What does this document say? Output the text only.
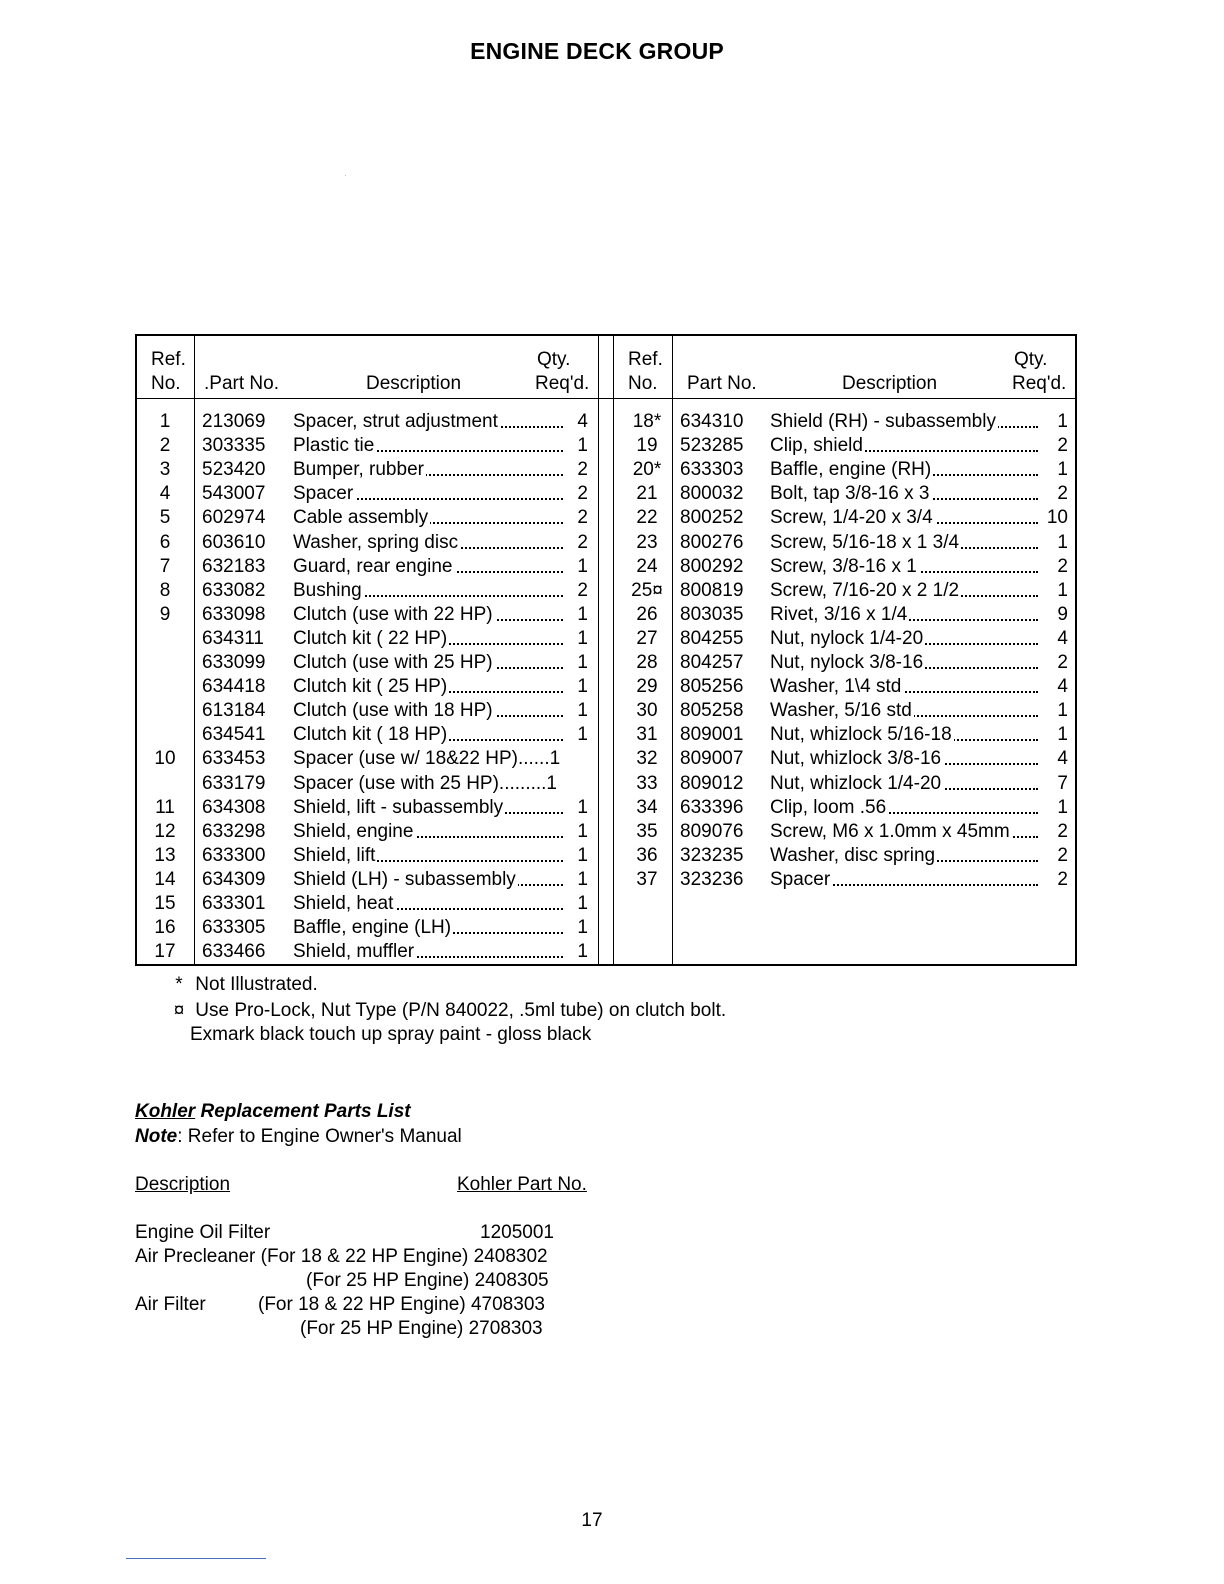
ENGINE DECK GROUP
Ref.
No. .Part No.	Description
Qty.
Req'd.
Ref.
No. Part No.	Description
Qty.
Req'd.
1	213069 Spacer, strut adjustment	4
2	303335 Plastic tie	1
3	523420 Bumper, rubber	2
4	543007 Spacer	2
5	602974 Cable assembly	2
6	603610 Washer, spring disc	2
7	632183 Guard, rear engine	1
8	633082 Bushing	2
9	633098 Clutch (use with 22 HP)	1
634311 Clutch kit ( 22 HP)	1
633099 Clutch (use with 25 HP)	1
634418 Clutch kit ( 25 HP)	1
613184 Clutch (use with 18 HP)	1
634541 Clutch kit ( 18 HP)	1
10	633453 Spacer (use w/ 18&22 HP)......1
633179 Spacer (use with 25 HP).........1
11	634308 Shield, lift - subassembly	1
12	633298 Shield, engine	1
13	633300 Shield, lift	1
14	634309 Shield (LH) - subassembly	1
15	633301 Shield, heat	1
16	633305 Baffle, engine (LH)	1
17	633466 Shield, muffler	1
18* 634310 Shield (RH) - subassembly	1
19	523285 Clip, shield	2
20* 633303 Baffle, engine (RH)	1
21	800032 Bolt, tap 3/8-16 x 3	2
22	800252 Screw, 1/4-20 x 3/4	10
23	800276 Screw, 5/16-18 x 1 3/4	1
24	800292 Screw, 3/8-16 x 1	2
25¤ 800819 Screw, 7/16-20 x 2 1/2	1
26	803035 Rivet, 3/16 x 1/4	9
27	804255 Nut, nylock 1/4-20	4
28	804257 Nut, nylock 3/8-16	2
29	805256 Washer, 1\4 std	4
30	805258 Washer, 5/16 std	1
31	809001 Nut, whizlock 5/16-18	1
32	809007 Nut, whizlock 3/8-16	4
33	809012 Nut, whizlock 1/4-20	7
34	633396 Clip, loom .56	1
35	809076 Screw, M6 x 1.0mm x 45mm	2
36	323235 Washer, disc spring	2
37	323236 Spacer	2
* Not Illustrated.
¤ Use Pro-Lock, Nut Type (P/N 840022, .5ml tube) on clutch bolt.
Exmark black touch up spray paint - gloss black
Kohler Replacement Parts List
Note: Refer to Engine Owner's Manual
Description	Kohler Part No.
Engine Oil Filter	1205001
Air Precleaner (For 18 & 22 HP Engine) 2408302
(For 25 HP Engine) 2408305
Air Filter	(For 18 & 22 HP Engine) 4708303
(For 25 HP Engine) 2708303
17
